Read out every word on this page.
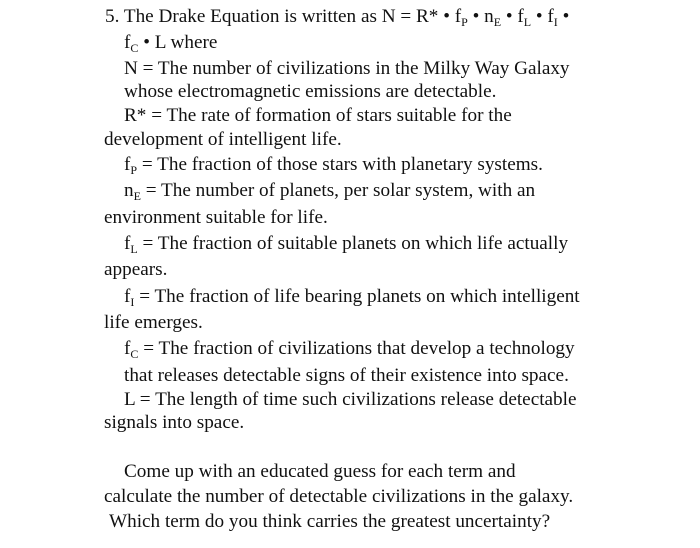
5. The Drake Equation is written as N = R* • $f_P$ • $n_E$ • $f_L$ • $f_I$ •
$f_C$ • L where
N = The number of civilizations in the Milky Way Galaxy
whose electromagnetic emissions are detectable.
R* = The rate of formation of stars suitable for the
development of intelligent life.
$f_P$ = The fraction of those stars with planetary systems.
$n_E$ = The number of planets, per solar system, with an
environment suitable for life.
$f_L$ = The fraction of suitable planets on which life actually
appears.
$f_I$ = The fraction of life bearing planets on which intelligent
life emerges.
$f_C$ = The fraction of civilizations that develop a technology
that releases detectable signs of their existence into space.
L = The length of time such civilizations release detectable
signals into space.
Come up with an educated guess for each term and
calculate the number of detectable civilizations in the galaxy.
Which term do you think carries the greatest uncertainty?
